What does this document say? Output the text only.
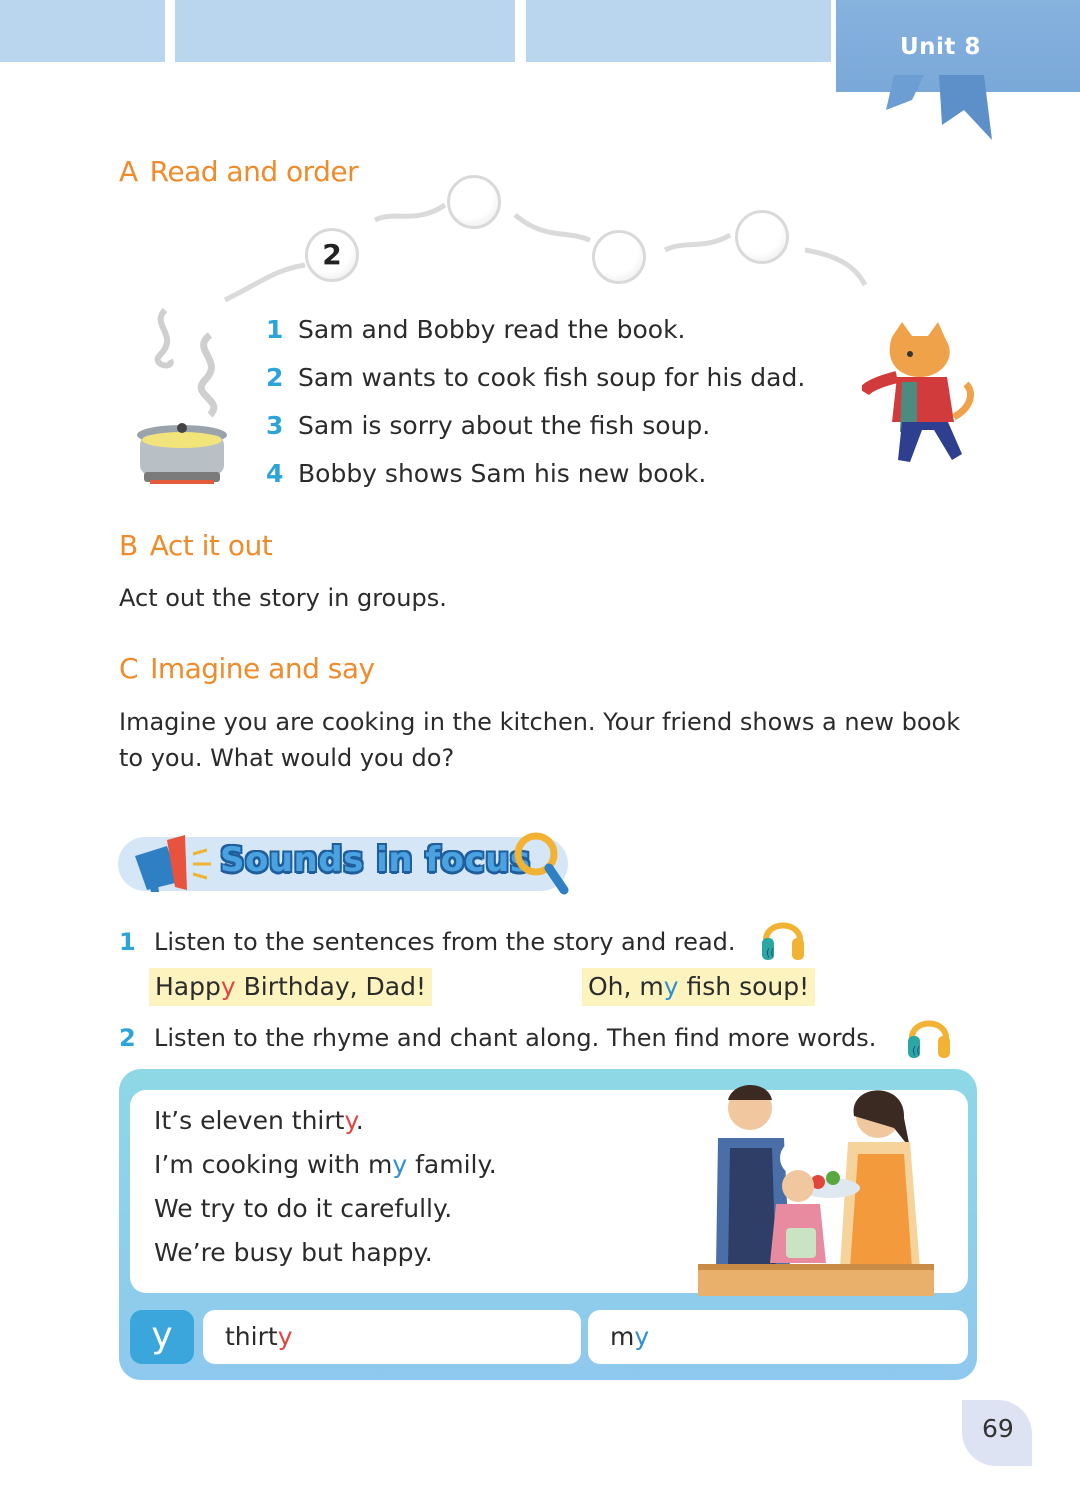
Unit 8
A Read and order
2
1 Sam and Bobby read the book.
2 Sam wants to cook fish soup for his dad.
3 Sam is sorry about the fish soup.
4 Bobby shows Sam his new book.
B Act it out
Act out the story in groups.
C Imagine and say
Imagine you are cooking in the kitchen. Your friend shows a new book
to you. What would you do?
Sounds in focus
1 Listen to the sentences from the story and read.	((
Happy Birthday, Dad!	Oh, my fish soup!
2 Listen to the rhyme and chant along. Then find more words.	((
It’s eleven thirty.
I’m cooking with my family.
We try to do it carefully.
We’re busy but happy.
y	thirty	my
69
